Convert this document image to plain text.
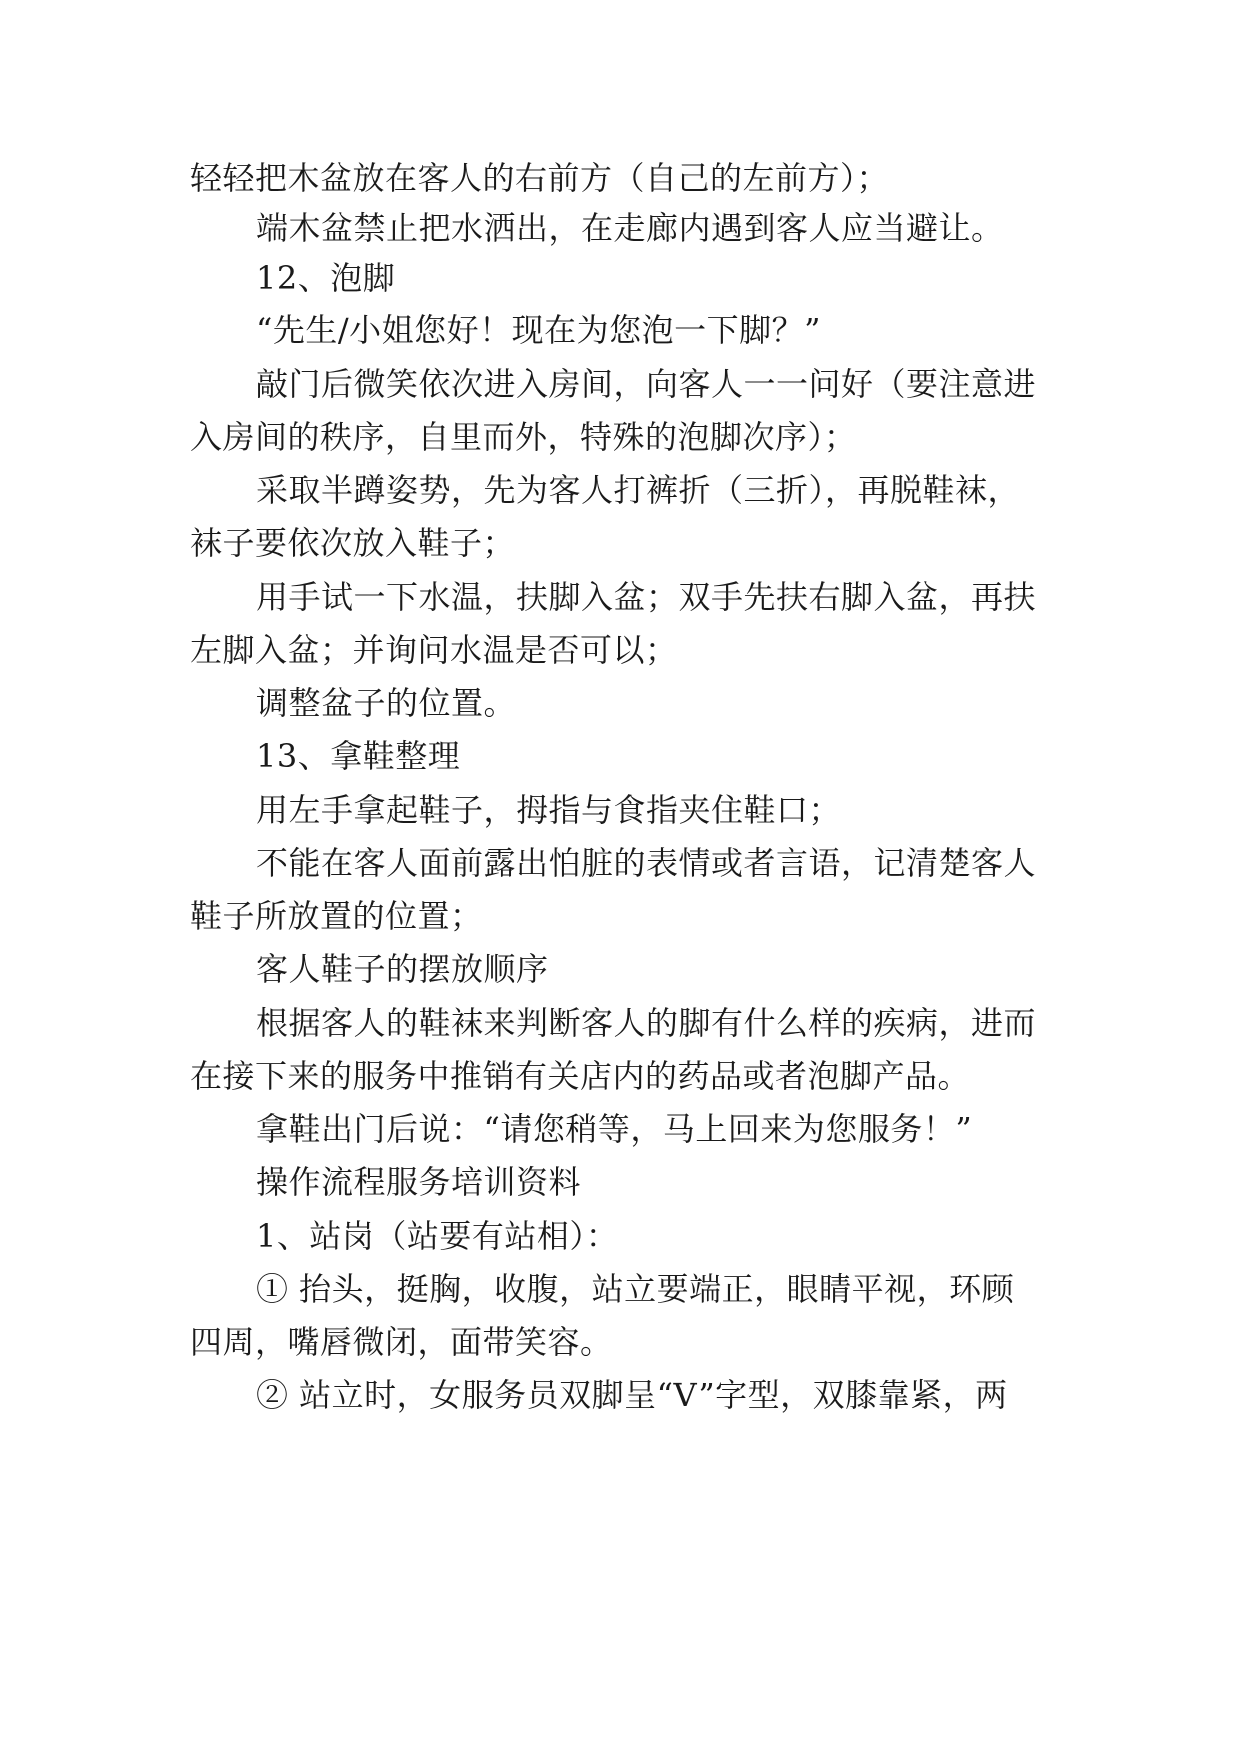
轻轻把木盆放在客人的右前方（自己的左前方）；
端木盆禁止把水洒出，在走廊内遇到客人应当避让。
12、泡脚
“先生/小姐您好！现在为您泡一下脚？”
敲门后微笑依次进入房间，向客人一一问好（要注意进
入房间的秩序，自里而外，特殊的泡脚次序）；
采取半蹲姿势，先为客人打裤折（三折），再脱鞋袜，
袜子要依次放入鞋子；
用手试一下水温，扶脚入盆；双手先扶右脚入盆，再扶
左脚入盆；并询问水温是否可以；
调整盆子的位置。
13、拿鞋整理
用左手拿起鞋子，拇指与食指夹住鞋口；
不能在客人面前露出怕脏的表情或者言语，记清楚客人
鞋子所放置的位置；
客人鞋子的摆放顺序
根据客人的鞋袜来判断客人的脚有什么样的疾病，进而
在接下来的服务中推销有关店内的药品或者泡脚产品。
拿鞋出门后说：“请您稍等，马上回来为您服务！”
操作流程服务培训资料
1、站岗（站要有站相）：
① 抬头，挺胸，收腹，站立要端正，眼睛平视，环顾
四周，嘴唇微闭，面带笑容。
② 站立时，女服务员双脚呈“V”字型，双膝靠紧，两
